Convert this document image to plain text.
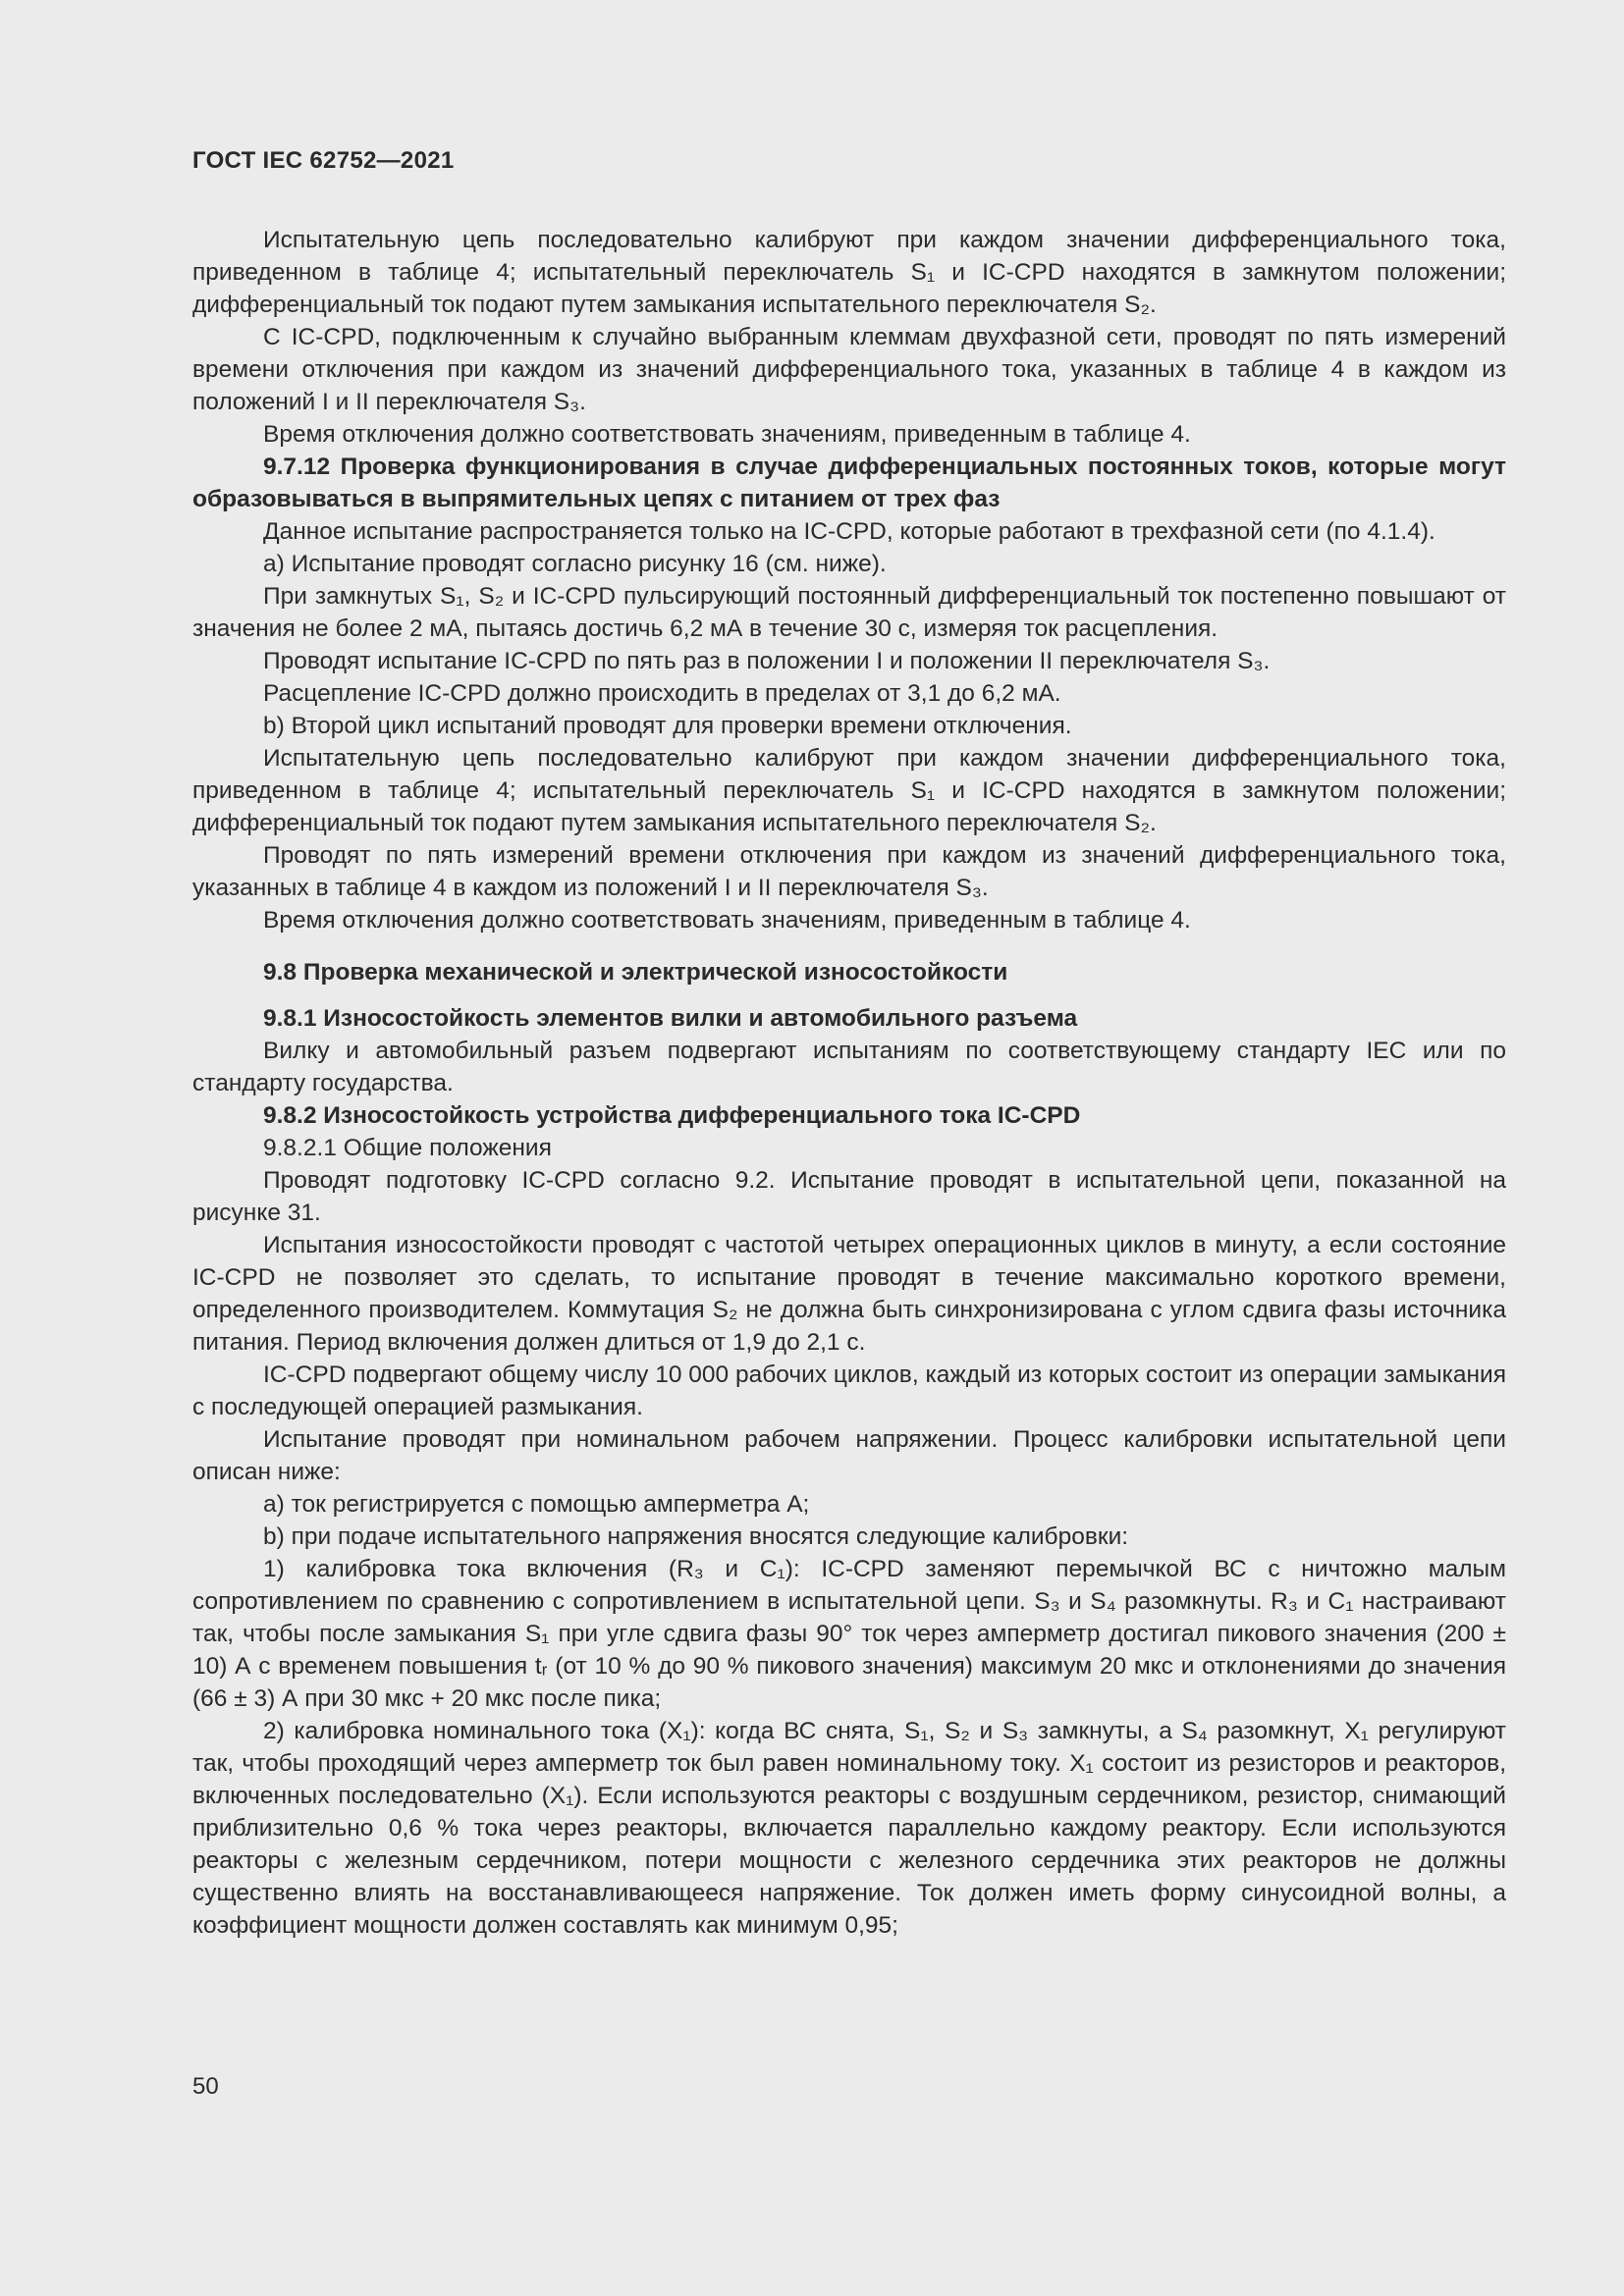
ГОСТ IEC 62752—2021

Испытательную цепь последовательно калибруют при каждом значении дифференциального тока, приведенном в таблице 4; испытательный переключатель S₁ и IC-CPD находятся в замкнутом положении; дифференциальный ток подают путем замыкания испытательного переключателя S₂.

С IC-CPD, подключенным к случайно выбранным клеммам двухфазной сети, проводят по пять измерений времени отключения при каждом из значений дифференциального тока, указанных в таблице 4 в каждом из положений I и II переключателя S₃.

Время отключения должно соответствовать значениям, приведенным в таблице 4.

9.7.12 Проверка функционирования в случае дифференциальных постоянных токов, которые могут образовываться в выпрямительных цепях с питанием от трех фаз

Данное испытание распространяется только на IC-CPD, которые работают в трехфазной сети (по 4.1.4).

a) Испытание проводят согласно рисунку 16 (см. ниже).

При замкнутых S₁, S₂ и IC-CPD пульсирующий постоянный дифференциальный ток постепенно повышают от значения не более 2 мА, пытаясь достичь 6,2 мА в течение 30 с, измеряя ток расцепления.

Проводят испытание IC-CPD по пять раз в положении I и положении II переключателя S₃.

Расцепление IC-CPD должно происходить в пределах от 3,1 до 6,2 мА.

b) Второй цикл испытаний проводят для проверки времени отключения.

Испытательную цепь последовательно калибруют при каждом значении дифференциального тока, приведенном в таблице 4; испытательный переключатель S₁ и IC-CPD находятся в замкнутом положении; дифференциальный ток подают путем замыкания испытательного переключателя S₂.

Проводят по пять измерений времени отключения при каждом из значений дифференциального тока, указанных в таблице 4 в каждом из положений I и II переключателя S₃.

Время отключения должно соответствовать значениям, приведенным в таблице 4.

9.8 Проверка механической и электрической износостойкости

9.8.1 Износостойкость элементов вилки и автомобильного разъема

Вилку и автомобильный разъем подвергают испытаниям по соответствующему стандарту IEC или по стандарту государства.

9.8.2 Износостойкость устройства дифференциального тока IC-CPD

9.8.2.1 Общие положения

Проводят подготовку IC-CPD согласно 9.2. Испытание проводят в испытательной цепи, показанной на рисунке 31.

Испытания износостойкости проводят с частотой четырех операционных циклов в минуту, а если состояние IC-CPD не позволяет это сделать, то испытание проводят в течение максимально короткого времени, определенного производителем. Коммутация S₂ не должна быть синхронизирована с углом сдвига фазы источника питания. Период включения должен длиться от 1,9 до 2,1 с.

IC-CPD подвергают общему числу 10 000 рабочих циклов, каждый из которых состоит из операции замыкания с последующей операцией размыкания.

Испытание проводят при номинальном рабочем напряжении. Процесс калибровки испытательной цепи описан ниже:

a) ток регистрируется с помощью амперметра А;

b) при подаче испытательного напряжения вносятся следующие калибровки:

1) калибровка тока включения (R₃ и C₁): IC-CPD заменяют перемычкой ВС с ничтожно малым сопротивлением по сравнению с сопротивлением в испытательной цепи. S₃ и S₄ разомкнуты. R₃ и C₁ настраивают так, чтобы после замыкания S₁ при угле сдвига фазы 90° ток через амперметр достигал пикового значения (200 ± 10) А с временем повышения tᵣ (от 10 % до 90 % пикового значения) максимум 20 мкс и отклонениями до значения (66 ± 3) А при 30 мкс + 20 мкс после пика;

2) калибровка номинального тока (X₁): когда ВС снята, S₁, S₂ и S₃ замкнуты, а S₄ разомкнут, X₁ регулируют так, чтобы проходящий через амперметр ток был равен номинальному току. X₁ состоит из резисторов и реакторов, включенных последовательно (X₁). Если используются реакторы с воздушным сердечником, резистор, снимающий приблизительно 0,6 % тока через реакторы, включается параллельно каждому реактору. Если используются реакторы с железным сердечником, потери мощности с железного сердечника этих реакторов не должны существенно влиять на восстанавливающееся напряжение. Ток должен иметь форму синусоидной волны, а коэффициент мощности должен составлять как минимум 0,95;

50
